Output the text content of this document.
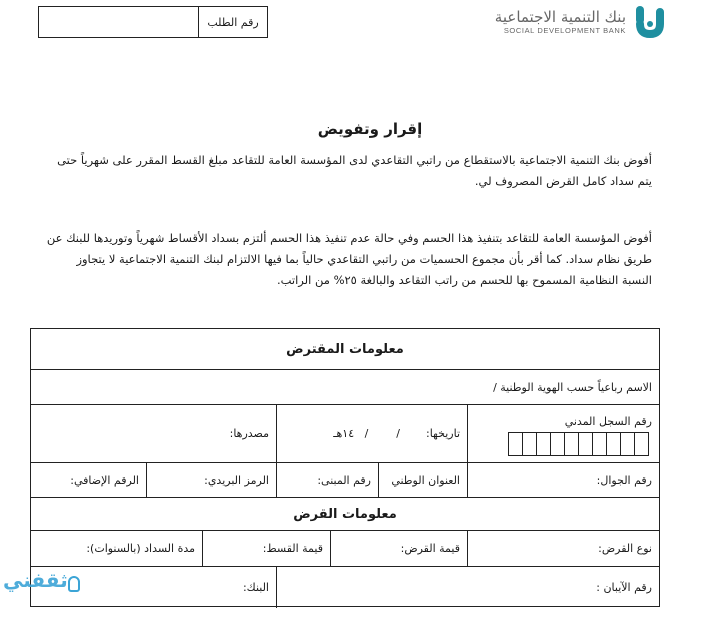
رقم الطلب	بنك التنمية الاجتماعية
SOCIAL DEVELOPMENT BANK
إقرار وتفويض
أفوض بنك التنمية الاجتماعية بالاستقطاع من راتبي التقاعدي لدى المؤسسة العامة للتقاعد مبلغ القسط المقرر على شهرياً حتى يتم سداد كامل القرض المصروف لي.
أفوض المؤسسة العامة للتقاعد بتنفيذ هذا الحسم وفي حالة عدم تنفيذ هذا الحسم ألتزم بسداد الأقساط شهرياً وتوريدها للبنك عن طريق نظام سداد. كما أقر بأن مجموع الحسميات من راتبي التقاعدي حالياً بما فيها الالتزام لبنك التنمية الاجتماعية لا يتجاوز النسبة النظامية المسموح بها للحسم من راتب التقاعد والبالغة ٢٥% من الراتب.
معلومات المقترض
الاسم رباعياً حسب الهوية الوطنية /
رقم السجل المدني
تاريخها:
/        /   ١٤هـ
مصدرها:
رقم الجوال:
العنوان الوطني
رقم المبنى:
الرمز البريدي:
الرقم الإضافي:
معلومات القرض
نوع القرض:
قيمة القرض:
قيمة القسط:
مدة السداد (بالسنوات):
رقم الآيبان :
البنك:
ثقفني
